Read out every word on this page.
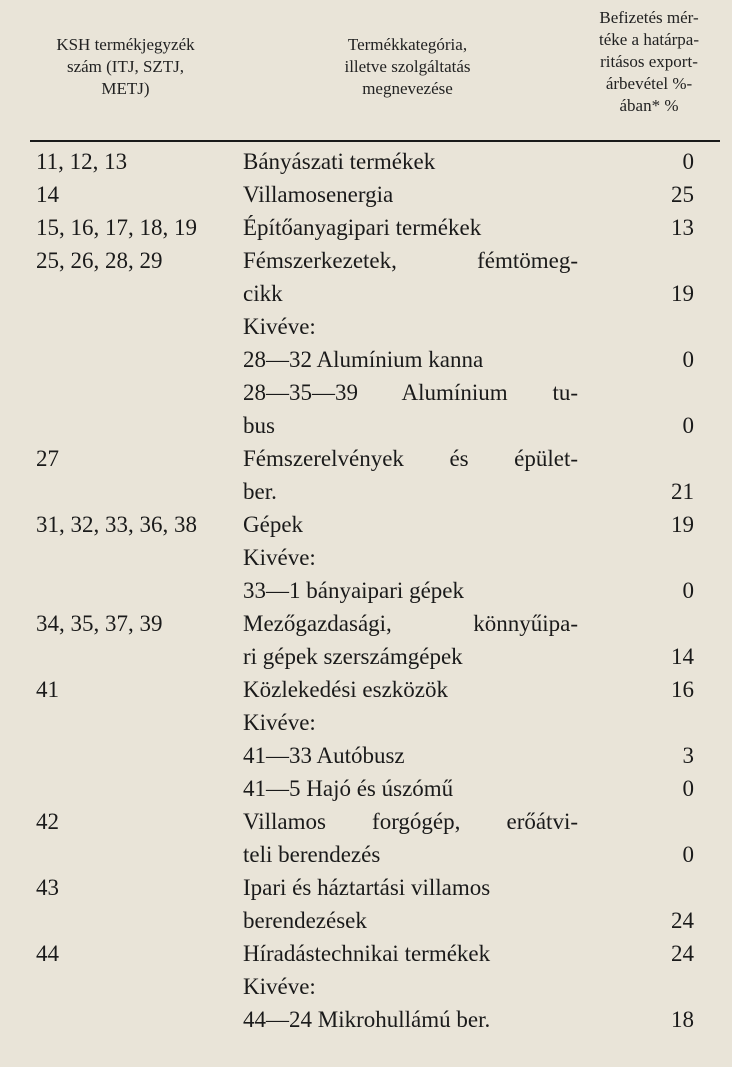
KSH termékjegyzék
szám (ITJ, SZTJ,
METJ)
Termékkategória,
illetve szolgáltatás
megnevezése
Befizetés mér-
téke a határpa-
ritásos export-
árbevétel %-
ában* %
11, 12, 13	Bányászati termékek	0
14	Villamosenergia	25
15, 16, 17, 18, 19 Építőanyagipari termékek	13
25, 26, 28, 29	Fémszerkezetek, fémtömeg-
cikk	19
Kivéve:
28—32 Alumínium kanna	0
28—35—39 Alumínium tu-
bus	0
27	Fémszerelvények és épület-
ber.	21
31, 32, 33, 36, 38 Gépek	19
Kivéve:
33—1 bányaipari gépek	0
34, 35, 37, 39	Mezőgazdasági, könnyűipa-
ri gépek szerszámgépek	14
41	Közlekedési eszközök	16
Kivéve:
41—33 Autóbusz	3
41—5 Hajó és úszómű	0
42	Villamos forgógép, erőátvi-
teli berendezés	0
43	Ipari és háztartási villamos
berendezések	24
44	Híradástechnikai termékek	24
Kivéve:
44—24 Mikrohullámú ber.	18
